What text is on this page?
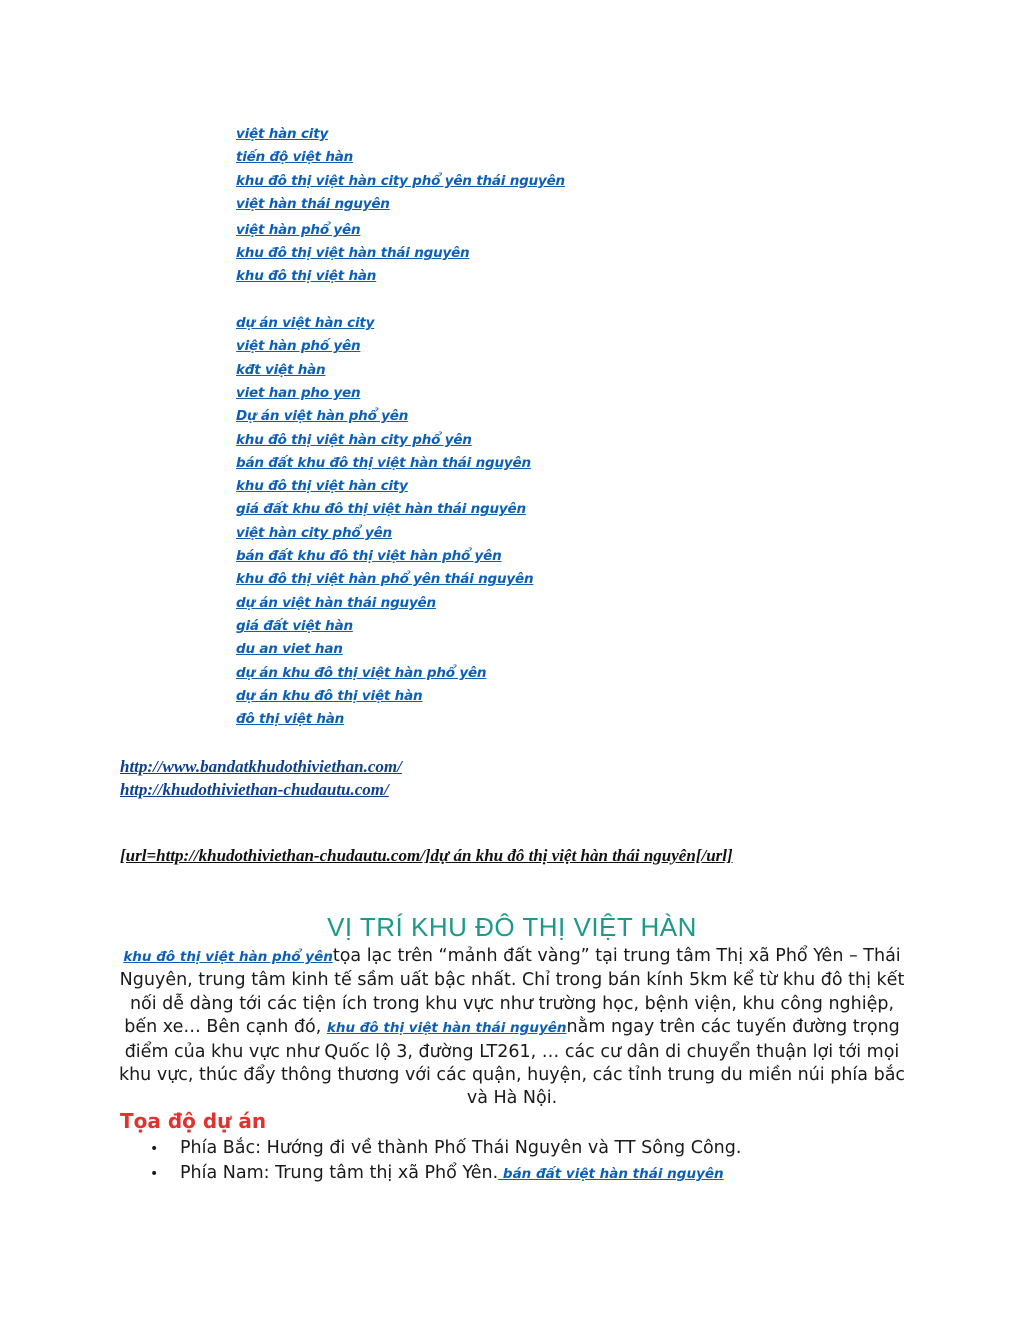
việt hàn city
tiến độ việt hàn
khu đô thị việt hàn city phổ yên thái nguyên
việt hàn thái nguyên
việt hàn phổ yên
khu đô thị việt hàn thái nguyên
khu đô thị việt hàn
dự án việt hàn city
việt hàn phố yên
kđt việt hàn
viet han pho yen
Dự án việt hàn phổ yên
khu đô thị việt hàn city phổ yên
bán đất khu đô thị việt hàn thái nguyên
khu đô thị việt hàn city
giá đất khu đô thị việt hàn thái nguyên
việt hàn city phổ yên
bán đất khu đô thị việt hàn phổ yên
khu đô thị việt hàn phổ yên thái nguyên
dự án việt hàn thái nguyên
giá đất việt hàn
du an viet han
dự án khu đô thị việt hàn phổ yên
dự án khu đô thị việt hàn
đô thị việt hàn
http://www.bandatkhudothiviethan.com/
http://khudothiviethan-chudautu.com/
[url=http://khudothiviethan-chudautu.com/]dự án khu đô thị việt hàn thái nguyên[/url]
VỊ TRÍ KHU ĐÔ THỊ VIỆT HÀN

khu đô thị việt hàn phổ yêntọa lạc trên “mảnh đất vàng” tại trung tâm Thị xã Phổ Yên – Thái Nguyên, trung tâm kinh tế sầm uất bậc nhất. Chỉ trong bán kính 5km kể từ khu đô thị kết nối dễ dàng tới các tiện ích trong khu vực như trường học, bệnh viện, khu công nghiệp, bến xe… Bên cạnh đó, khu đô thị việt hàn thái nguyênnằm ngay trên các tuyến đường trọng điểm của khu vực như Quốc lộ 3, đường LT261, … các cư dân di chuyển thuận lợi tới mọi khu vực, thúc đẩy thông thương với các quận, huyện, các tỉnh trung du miền núi phía bắc và Hà Nội.

Tọa độ dự án
• Phía Bắc: Hướng đi về thành Phố Thái Nguyên và TT Sông Công.
• Phía Nam: Trung tâm thị xã Phổ Yên. bán đất việt hàn thái nguyên
